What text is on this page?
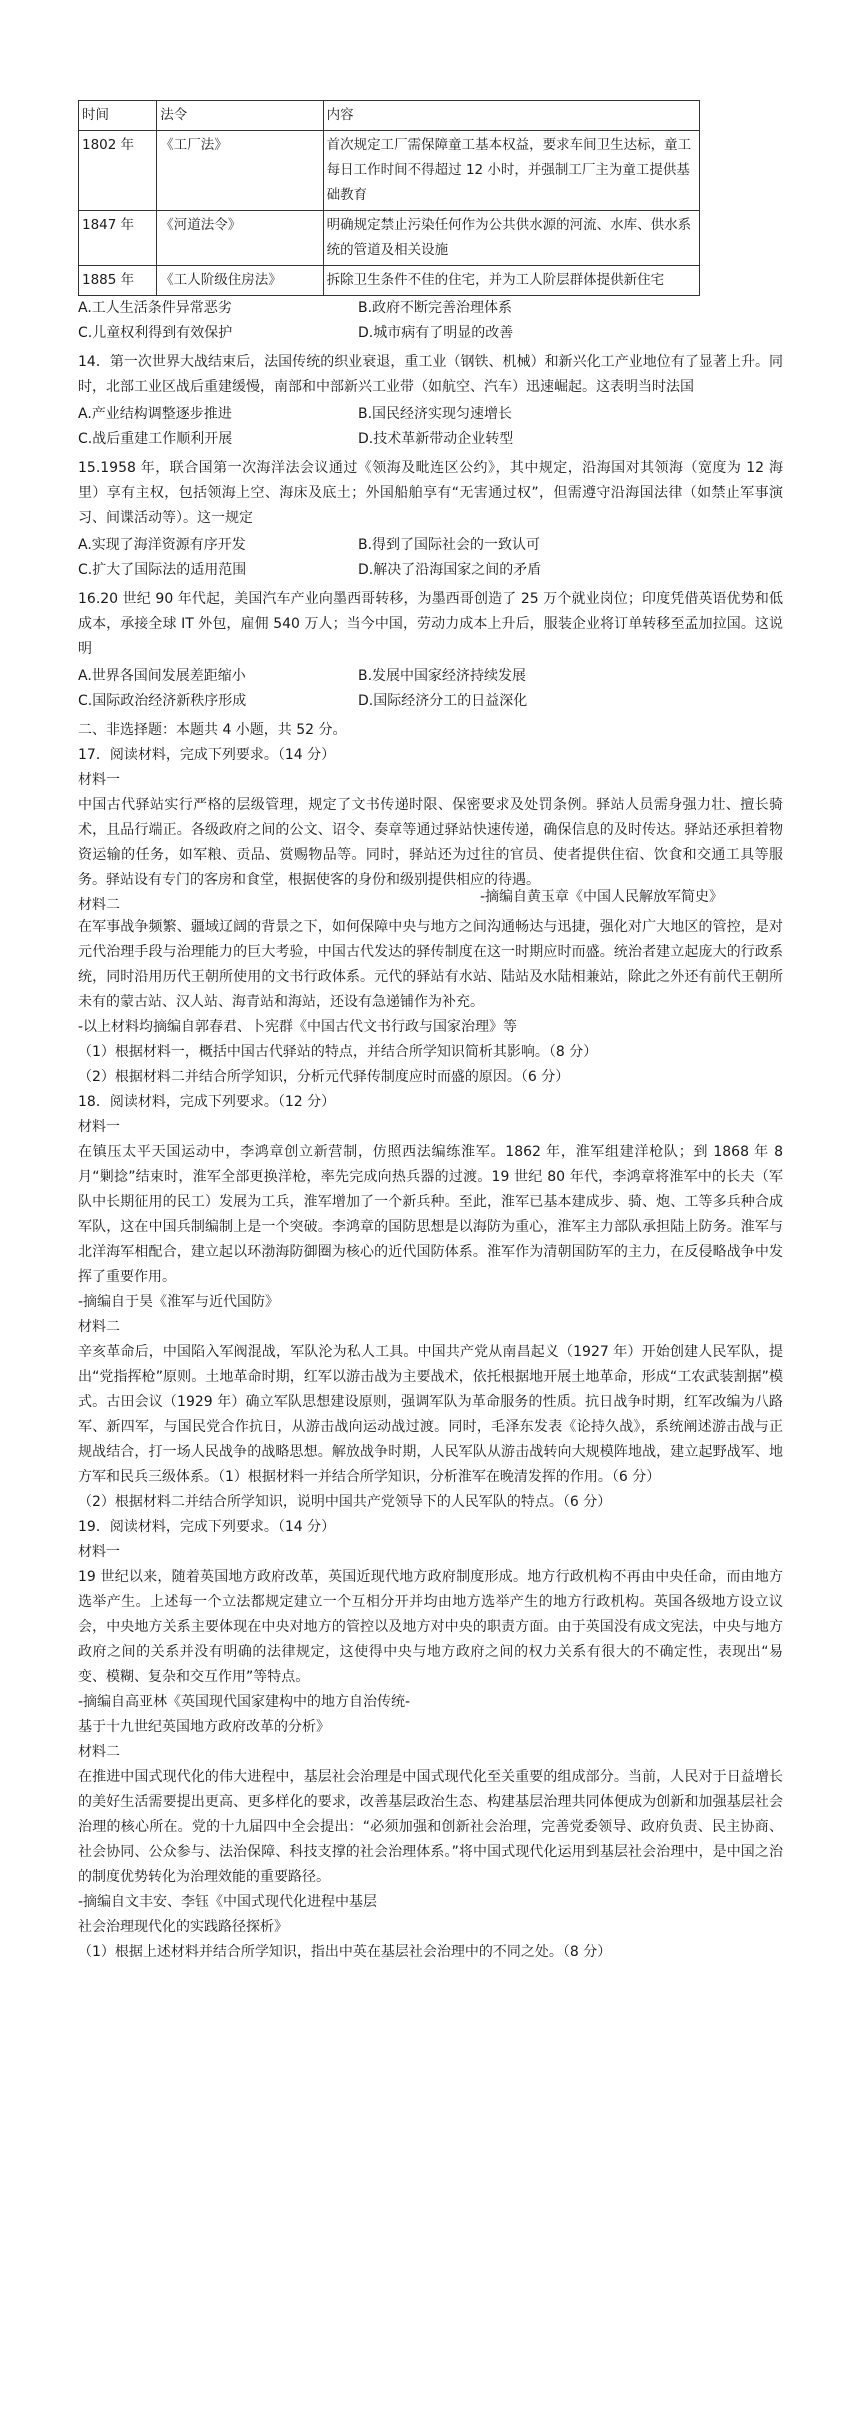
时间	法令	内容
1802 年	《工厂法》	首次规定工厂需保障童工基本权益，要求车间卫生达标，童工每日工作时间不得超过 12 小时，并强制工厂主为童工提供基础教育
1847 年	《河道法令》	明确规定禁止污染任何作为公共供水源的河流、水库、供水系统的管道及相关设施
1885 年	《工人阶级住房法》	拆除卫生条件不佳的住宅，并为工人阶层群体提供新住宅
A.工人生活条件异常恶劣	B.政府不断完善治理体系
C.儿童权利得到有效保护	D.城市病有了明显的改善

14．第一次世界大战结束后，法国传统的织业衰退，重工业（钢铁、机械）和新兴化工产业地位有了显著上升。同时，北部工业区战后重建缓慢，南部和中部新兴工业带（如航空、汽车）迅速崛起。这表明当时法国

A.产业结构调整逐步推进	B.国民经济实现匀速增长
C.战后重建工作顺利开展	D.技术革新带动企业转型

15.1958 年，联合国第一次海洋法会议通过《领海及毗连区公约》，其中规定，沿海国对其领海（宽度为 12 海里）享有主权，包括领海上空、海床及底土；外国船舶享有“无害通过权”，但需遵守沿海国法律（如禁止军事演习、间谍活动等）。这一规定

A.实现了海洋资源有序开发	B.得到了国际社会的一致认可
C.扩大了国际法的适用范围	D.解决了沿海国家之间的矛盾

16.20 世纪 90 年代起，美国汽车产业向墨西哥转移，为墨西哥创造了 25 万个就业岗位；印度凭借英语优势和低成本，承接全球 IT 外包，雇佣 540 万人；当今中国，劳动力成本上升后，服装企业将订单转移至孟加拉国。这说明

A.世界各国间发展差距缩小	B.发展中国家经济持续发展
C.国际政治经济新秩序形成	D.国际经济分工的日益深化

二、非选择题：本题共 4 小题，共 52 分。

17．阅读材料，完成下列要求。（14 分）

材料一

中国古代驿站实行严格的层级管理，规定了文书传递时限、保密要求及处罚条例。驿站人员需身强力壮、擅长骑术，且品行端正。各级政府之间的公文、诏令、奏章等通过驿站快速传递，确保信息的及时传达。驿站还承担着物资运输的任务，如军粮、贡品、赏赐物品等。同时，驿站还为过往的官员、使者提供住宿、饮食和交通工具等服务。驿站设有专门的客房和食堂，根据使客的身份和级别提供相应的待遇。

-摘编自黄玉章《中国人民解放军简史》
材料二

在军事战争频繁、疆域辽阔的背景之下，如何保障中央与地方之间沟通畅达与迅捷，强化对广大地区的管控，是对元代治理手段与治理能力的巨大考验，中国古代发达的驿传制度在这一时期应时而盛。统治者建立起庞大的行政系统，同时沿用历代王朝所使用的文书行政体系。元代的驿站有水站、陆站及水陆相兼站，除此之外还有前代王朝所未有的蒙古站、汉人站、海青站和海站，还设有急递铺作为补充。

-以上材料均摘编自郭春君、卜宪群《中国古代文书行政与国家治理》等

（1）根据材料一，概括中国古代驿站的特点，并结合所学知识简析其影响。（8 分）

（2）根据材料二并结合所学知识，分析元代驿传制度应时而盛的原因。（6 分）

18．阅读材料，完成下列要求。（12 分）

材料一

在镇压太平天国运动中，李鸿章创立新营制，仿照西法编练淮军。1862 年，淮军组建洋枪队；到 1868 年 8 月“剿捻”结束时，淮军全部更换洋枪，率先完成向热兵器的过渡。19 世纪 80 年代，李鸿章将淮军中的长夫（军队中长期征用的民工）发展为工兵，淮军增加了一个新兵种。至此，淮军已基本建成步、骑、炮、工等多兵种合成军队，这在中国兵制编制上是一个突破。李鸿章的国防思想是以海防为重心，淮军主力部队承担陆上防务。淮军与北洋海军相配合，建立起以环渤海防御圈为核心的近代国防体系。淮军作为清朝国防军的主力，在反侵略战争中发挥了重要作用。

-摘编自于昊《淮军与近代国防》

材料二

辛亥革命后，中国陷入军阀混战，军队沦为私人工具。中国共产党从南昌起义（1927 年）开始创建人民军队，提出“党指挥枪”原则。土地革命时期，红军以游击战为主要战术，依托根据地开展土地革命，形成“工农武装割据”模式。古田会议（1929 年）确立军队思想建设原则，强调军队为革命服务的性质。抗日战争时期，红军改编为八路军、新四军，与国民党合作抗日，从游击战向运动战过渡。同时，毛泽东发表《论持久战》，系统阐述游击战与正规战结合，打一场人民战争的战略思想。解放战争时期，人民军队从游击战转向大规模阵地战，建立起野战军、地方军和民兵三级体系。（1）根据材料一并结合所学知识，分析淮军在晚清发挥的作用。（6 分）

（2）根据材料二并结合所学知识，说明中国共产党领导下的人民军队的特点。（6 分）

19．阅读材料，完成下列要求。（14 分）

材料一

19 世纪以来，随着英国地方政府改革，英国近现代地方政府制度形成。地方行政机构不再由中央任命，而由地方选举产生。上述每一个立法都规定建立一个互相分开并均由地方选举产生的地方行政机构。英国各级地方设立议会，中央地方关系主要体现在中央对地方的管控以及地方对中央的职责方面。由于英国没有成文宪法，中央与地方政府之间的关系并没有明确的法律规定，这使得中央与地方政府之间的权力关系有很大的不确定性，表现出“易变、模糊、复杂和交互作用”等特点。

-摘编自高亚林《英国现代国家建构中的地方自治传统-

基于十九世纪英国地方政府改革的分析》

材料二

在推进中国式现代化的伟大进程中，基层社会治理是中国式现代化至关重要的组成部分。当前，人民对于日益增长的美好生活需要提出更高、更多样化的要求，改善基层政治生态、构建基层治理共同体便成为创新和加强基层社会治理的核心所在。党的十九届四中全会提出：“必须加强和创新社会治理，完善党委领导、政府负责、民主协商、社会协同、公众参与、法治保障、科技支撑的社会治理体系。”将中国式现代化运用到基层社会治理中，是中国之治的制度优势转化为治理效能的重要路径。

-摘编自文丰安、李钰《中国式现代化进程中基层

社会治理现代化的实践路径探析》

（1）根据上述材料并结合所学知识，指出中英在基层社会治理中的不同之处。（8 分）
